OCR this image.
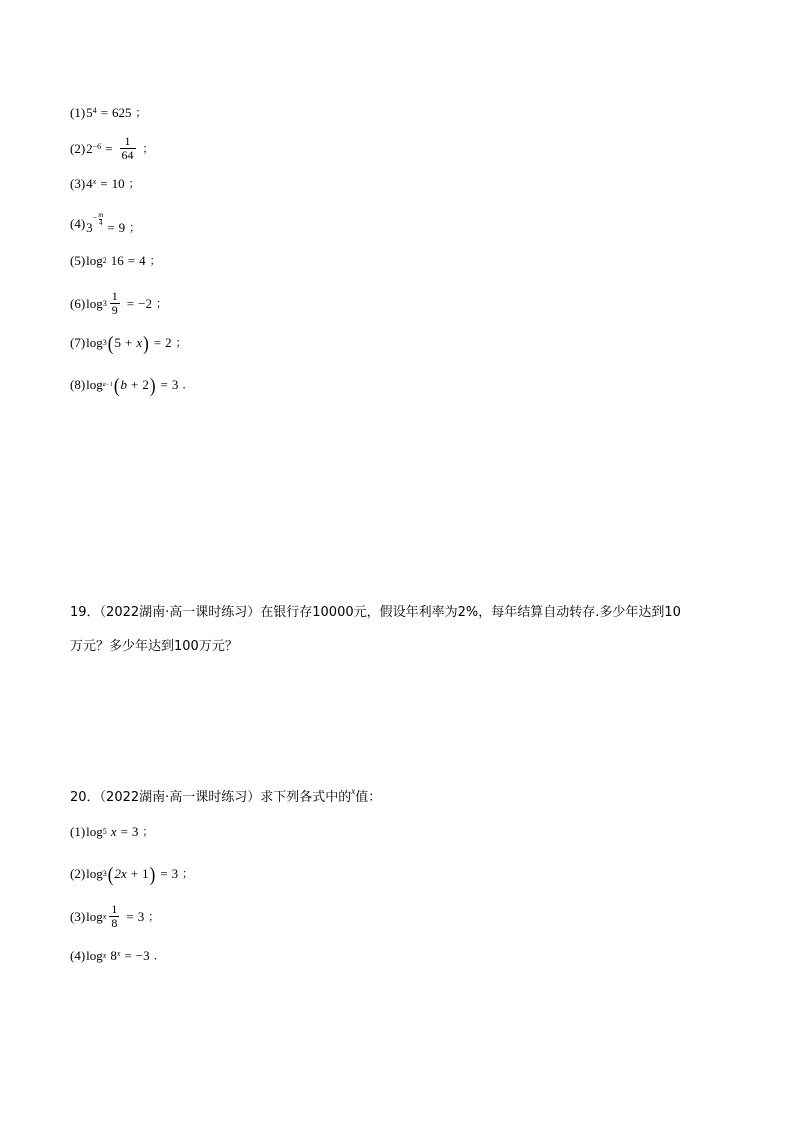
(1) $5^4 = 625$ ；
(2) $2^{-6} = \frac{1}{64}$ ；
(3) $4^x = 10$ ；
(4) 3
− $\frac{m}{4}$
= 9 ；
(5) log 2 16 = 4 ；
(6) $\log 3 \frac{1}{9} = -2$ ；
(7) log 3 ( 5 + x ) = 2 ；
(8) log a−1 ( b + 2 ) = 3 ．
19．（2022湖南·高一课时练习）在银行存10000元，假设年利率为2%，每年结算自动转存.多少年达到10
万元？多少年达到100万元？
20．（2022湖南·高一课时练习）求下列各式中的$^x$值：
(1) log 5 x = 3 ；
(2) log 3 ( 2x + 1 ) = 3 ；
(3) log x $\frac{1}{8} = 3$ ；
(4) log x $8^x = -3$ ．
